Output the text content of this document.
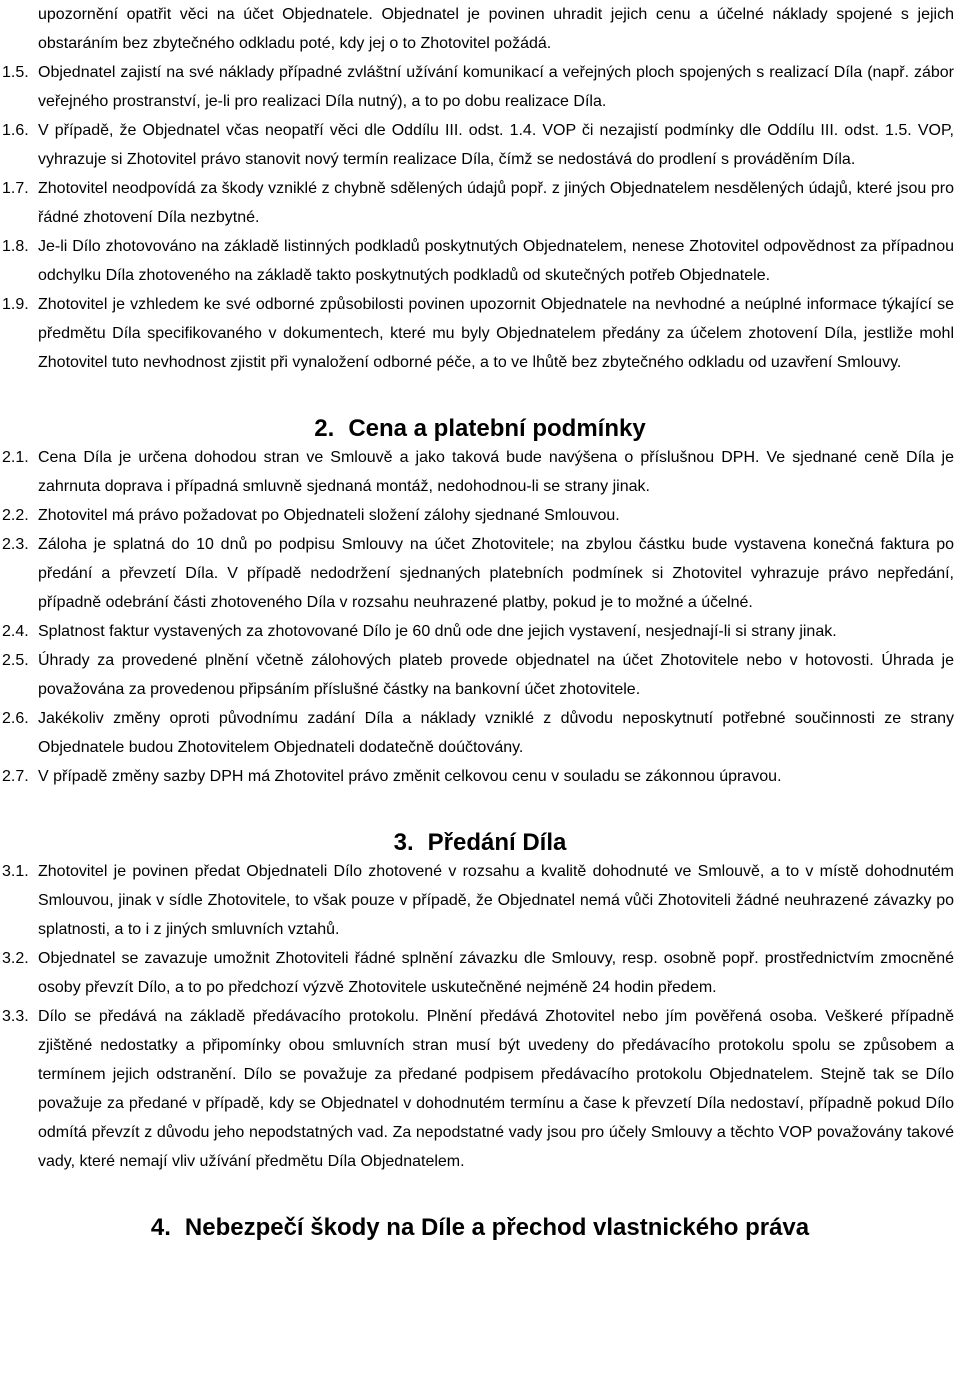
upozornění opatřit věci na účet Objednatele. Objednatel je povinen uhradit jejich cenu a účelné náklady spojené s jejich obstaráním bez zbytečného odkladu poté, kdy jej o to Zhotovitel požádá.

1.5. Objednatel zajistí na své náklady případné zvláštní užívání komunikací a veřejných ploch spojených s realizací Díla (např. zábor veřejného prostranství, je-li pro realizaci Díla nutný), a to po dobu realizace Díla.
1.6. V případě, že Objednatel včas neopatří věci dle Oddílu III. odst. 1.4. VOP či nezajistí podmínky dle Oddílu III. odst. 1.5. VOP, vyhrazuje si Zhotovitel právo stanovit nový termín realizace Díla, čímž se nedostává do prodlení s prováděním Díla.
1.7. Zhotovitel neodpovídá za škody vzniklé z chybně sdělených údajů popř. z jiných Objednatelem nesdělených údajů, které jsou pro řádné zhotovení Díla nezbytné.
1.8. Je-li Dílo zhotovováno na základě listinných podkladů poskytnutých Objednatelem, nenese Zhotovitel odpovědnost za případnou odchylku Díla zhotoveného na základě takto poskytnutých podkladů od skutečných potřeb Objednatele.
1.9. Zhotovitel je vzhledem ke své odborné způsobilosti povinen upozornit Objednatele na nevhodné a neúplné informace týkající se předmětu Díla specifikovaného v dokumentech, které mu byly Objednatelem předány za účelem zhotovení Díla, jestliže mohl Zhotovitel tuto nevhodnost zjistit při vynaložení odborné péče, a to ve lhůtě bez zbytečného odkladu od uzavření Smlouvy.
2. Cena a platební podmínky
2.1. Cena Díla je určena dohodou stran ve Smlouvě a jako taková bude navýšena o příslušnou DPH. Ve sjednané ceně Díla je zahrnuta doprava i případná smluvně sjednaná montáž, nedohodnou-li se strany jinak.
2.2. Zhotovitel má právo požadovat po Objednateli složení zálohy sjednané Smlouvou.
2.3. Záloha je splatná do 10 dnů po podpisu Smlouvy na účet Zhotovitele; na zbylou částku bude vystavena konečná faktura po předání a převzetí Díla. V případě nedodržení sjednaných platebních podmínek si Zhotovitel vyhrazuje právo nepředání, případně odebrání části zhotoveného Díla v rozsahu neuhrazené platby, pokud je to možné a účelné.
2.4. Splatnost faktur vystavených za zhotovované Dílo je 60 dnů ode dne jejich vystavení, nesjednají-li si strany jinak.
2.5. Úhrady za provedené plnění včetně zálohových plateb provede objednatel na účet Zhotovitele nebo v hotovosti. Úhrada je považována za provedenou připsáním příslušné částky na bankovní účet zhotovitele.
2.6. Jakékoliv změny oproti původnímu zadání Díla a náklady vzniklé z důvodu neposkytnutí potřebné součinnosti ze strany Objednatele budou Zhotovitelem Objednateli dodatečně doúčtovány.
2.7. V případě změny sazby DPH má Zhotovitel právo změnit celkovou cenu v souladu se zákonnou úpravou.
3. Předání Díla
3.1. Zhotovitel je povinen předat Objednateli Dílo zhotovené v rozsahu a kvalitě dohodnuté ve Smlouvě, a to v místě dohodnutém Smlouvou, jinak v sídle Zhotovitele, to však pouze v případě, že Objednatel nemá vůči Zhotoviteli žádné neuhrazené závazky po splatnosti, a to i z jiných smluvních vztahů.
3.2. Objednatel se zavazuje umožnit Zhotoviteli řádné splnění závazku dle Smlouvy, resp. osobně popř. prostřednictvím zmocněné osoby převzít Dílo, a to po předchozí výzvě Zhotovitele uskutečněné nejméně 24 hodin předem.
3.3. Dílo se předává na základě předávacího protokolu. Plnění předává Zhotovitel nebo jím pověřená osoba. Veškeré případně zjištěné nedostatky a připomínky obou smluvních stran musí být uvedeny do předávacího protokolu spolu se způsobem a termínem jejich odstranění. Dílo se považuje za předané podpisem předávacího protokolu Objednatelem. Stejně tak se Dílo považuje za předané v případě, kdy se Objednatel v dohodnutém termínu a čase k převzetí Díla nedostaví, případně pokud Dílo odmítá převzít z důvodu jeho nepodstatných vad. Za nepodstatné vady jsou pro účely Smlouvy a těchto VOP považovány takové vady, které nemají vliv užívání předmětu Díla Objednatelem.
4. Nebezpečí škody na Díle a přechod vlastnického práva
